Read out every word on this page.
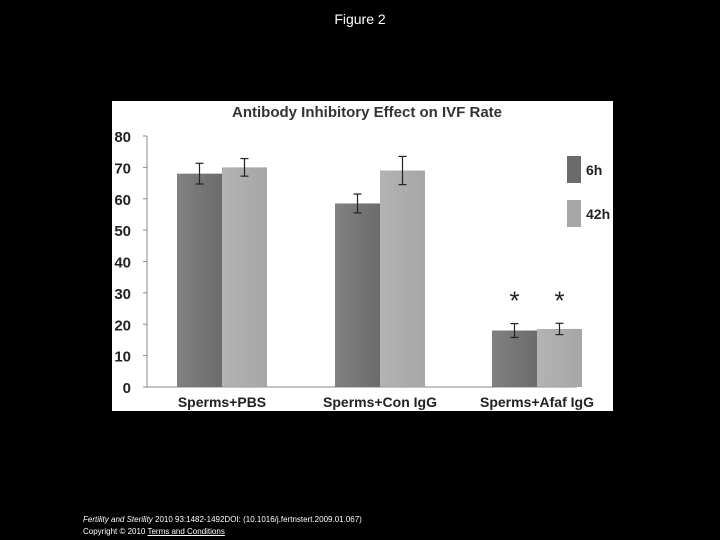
Figure 2
Antibody Inhibitory Effect on IVF Rate
0
10
20
30
40
50
60
70
80
Sperms+PBS	Sperms+Con IgG	Sperms+Afaf IgG
* *
6h
42h
Fertility and Sterility 2010 93:1482-1492DOI: (10.1016/j.fertnstert.2009.01.067)
Copyright © 2010 Terms and Conditions
